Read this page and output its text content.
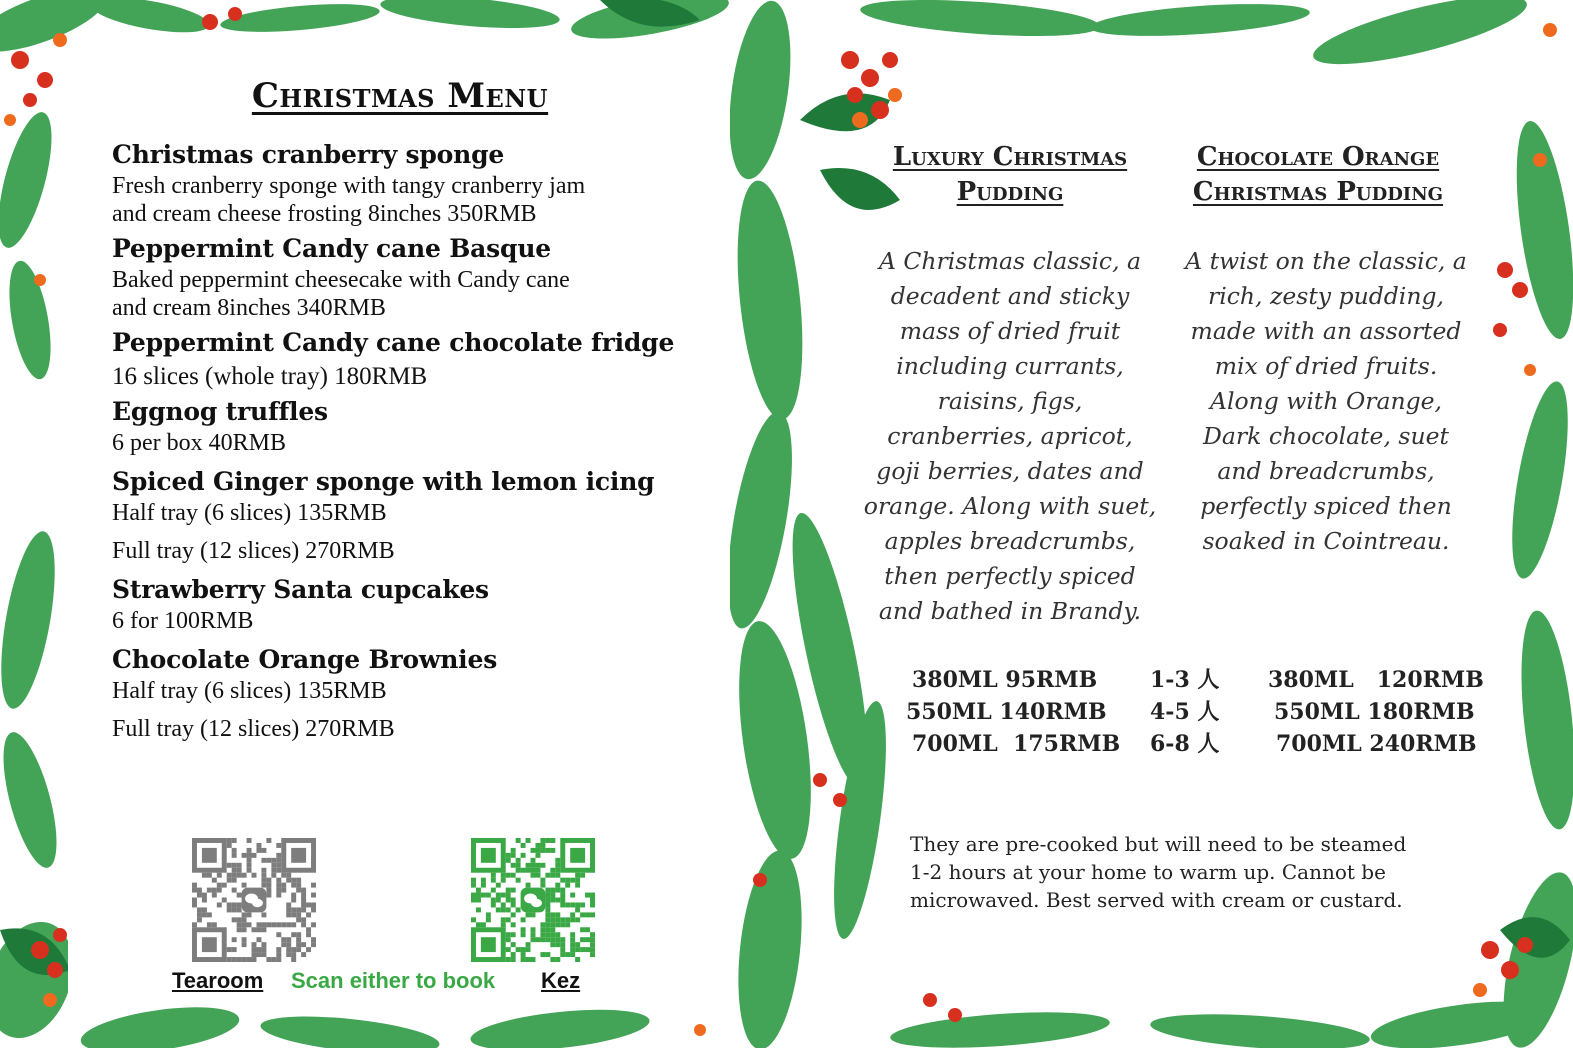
Christmas Menu

Christmas cranberry sponge

Fresh cranberry sponge with tangy cranberry jam

and cream cheese frosting 8inches 350RMB

Peppermint Candy cane Basque

Baked peppermint cheesecake with Candy cane

and cream 8inches 340RMB

Peppermint Candy cane chocolate fridge

16 slices (whole tray) 180RMB

Eggnog truffles

6 per box 40RMB

Spiced Ginger sponge with lemon icing

Half tray (6 slices) 135RMB

Full tray (12 slices) 270RMB

Strawberry Santa cupcakes

6 for 100RMB

Chocolate Orange Brownies

Half tray (6 slices) 135RMB

Full tray (12 slices) 270RMB

Tearoom Scan either to book Kez
Luxury Christmas
Pudding
Chocolate Orange
Christmas Pudding
A Christmas classic, a
decadent and sticky
mass of dried fruit
including currants,
raisins, figs,
cranberries, apricot,
goji berries, dates and
orange. Along with suet,
apples breadcrumbs,
then perfectly spiced
and bathed in Brandy.
A twist on the classic, a
rich, zesty pudding,
made with an assorted
mix of dried fruits.
Along with Orange,
Dark chocolate, suet
and breadcrumbs,
perfectly spiced then
soaked in Cointreau.
380ML 95RMB 1-3 人 380ML   120RMB
550ML 140RMB 4-5 人 550ML 180RMB
700ML  175RMB 6-8 人	700ML 240RMB
They are pre-cooked but will need to be steamed
1-2 hours at your home to warm up. Cannot be
microwaved. Best served with cream or custard.
